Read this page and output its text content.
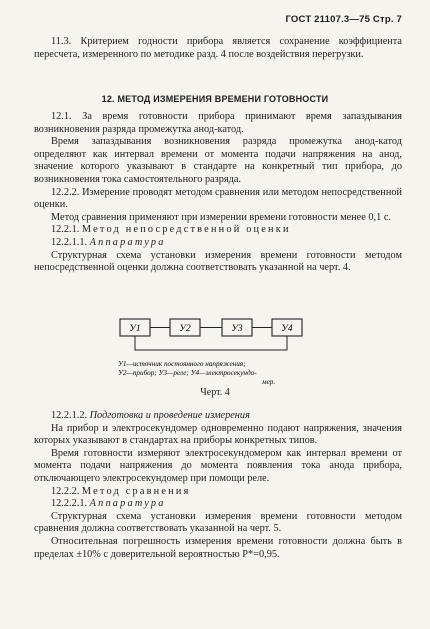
ГОСТ 21107.3—75 Стр. 7

11.3. Критерием годности прибора является сохранение коэффициента пересчета, измеренного по методике разд. 4 после воздействия перегрузки.

12. МЕТОД ИЗМЕРЕНИЯ ВРЕМЕНИ ГОТОВНОСТИ

12.1. За время готовности прибора принимают время запаздывания возникновения разряда промежутка анод-катод.

Время запаздывания возникновения разряда промежутка анод-катод определяют как интервал времени от момента подачи напряжения на анод, значение которого указывают в стандарте на конкретный тип прибора, до возникновения тока самостоятельного разряда.

12.2.2. Измерение проводят методом сравнения или методом непосредственной оценки.

Метод сравнения применяют при измерении времени готовности менее 0,1 с.

12.2.1. Метод непосредственной оценки

12.2.1.1. Аппаратура

Структурная схема установки измерения времени готовности методом непосредственной оценки должна соответствовать указанной на черт. 4.

У1	У2	У3	У4
У1—источник постоянного напряжения;
У2—прибор; У3—реле; У4—электросекундо-
мер.
Черт. 4

12.2.1.2. Подготовка и проведение измерения

На прибор и электросекундомер одновременно подают напряжения, значения которых указывают в стандартах на приборы конкретных типов.

Время готовности измеряют электросекундомером как интервал времени от момента подачи напряжения до момента появления тока анода прибора, отключающего электросекундомер при помощи реле.

12.2.2. Метод сравнения

12.2.2.1. Аппаратура

Структурная схема установки измерения времени готовности методом сравнения должна соответствовать указанной на черт. 5.

Относительная погрешность измерения времени готовности должна быть в пределах ±10% с доверительной вероятностью P*=0,95.
